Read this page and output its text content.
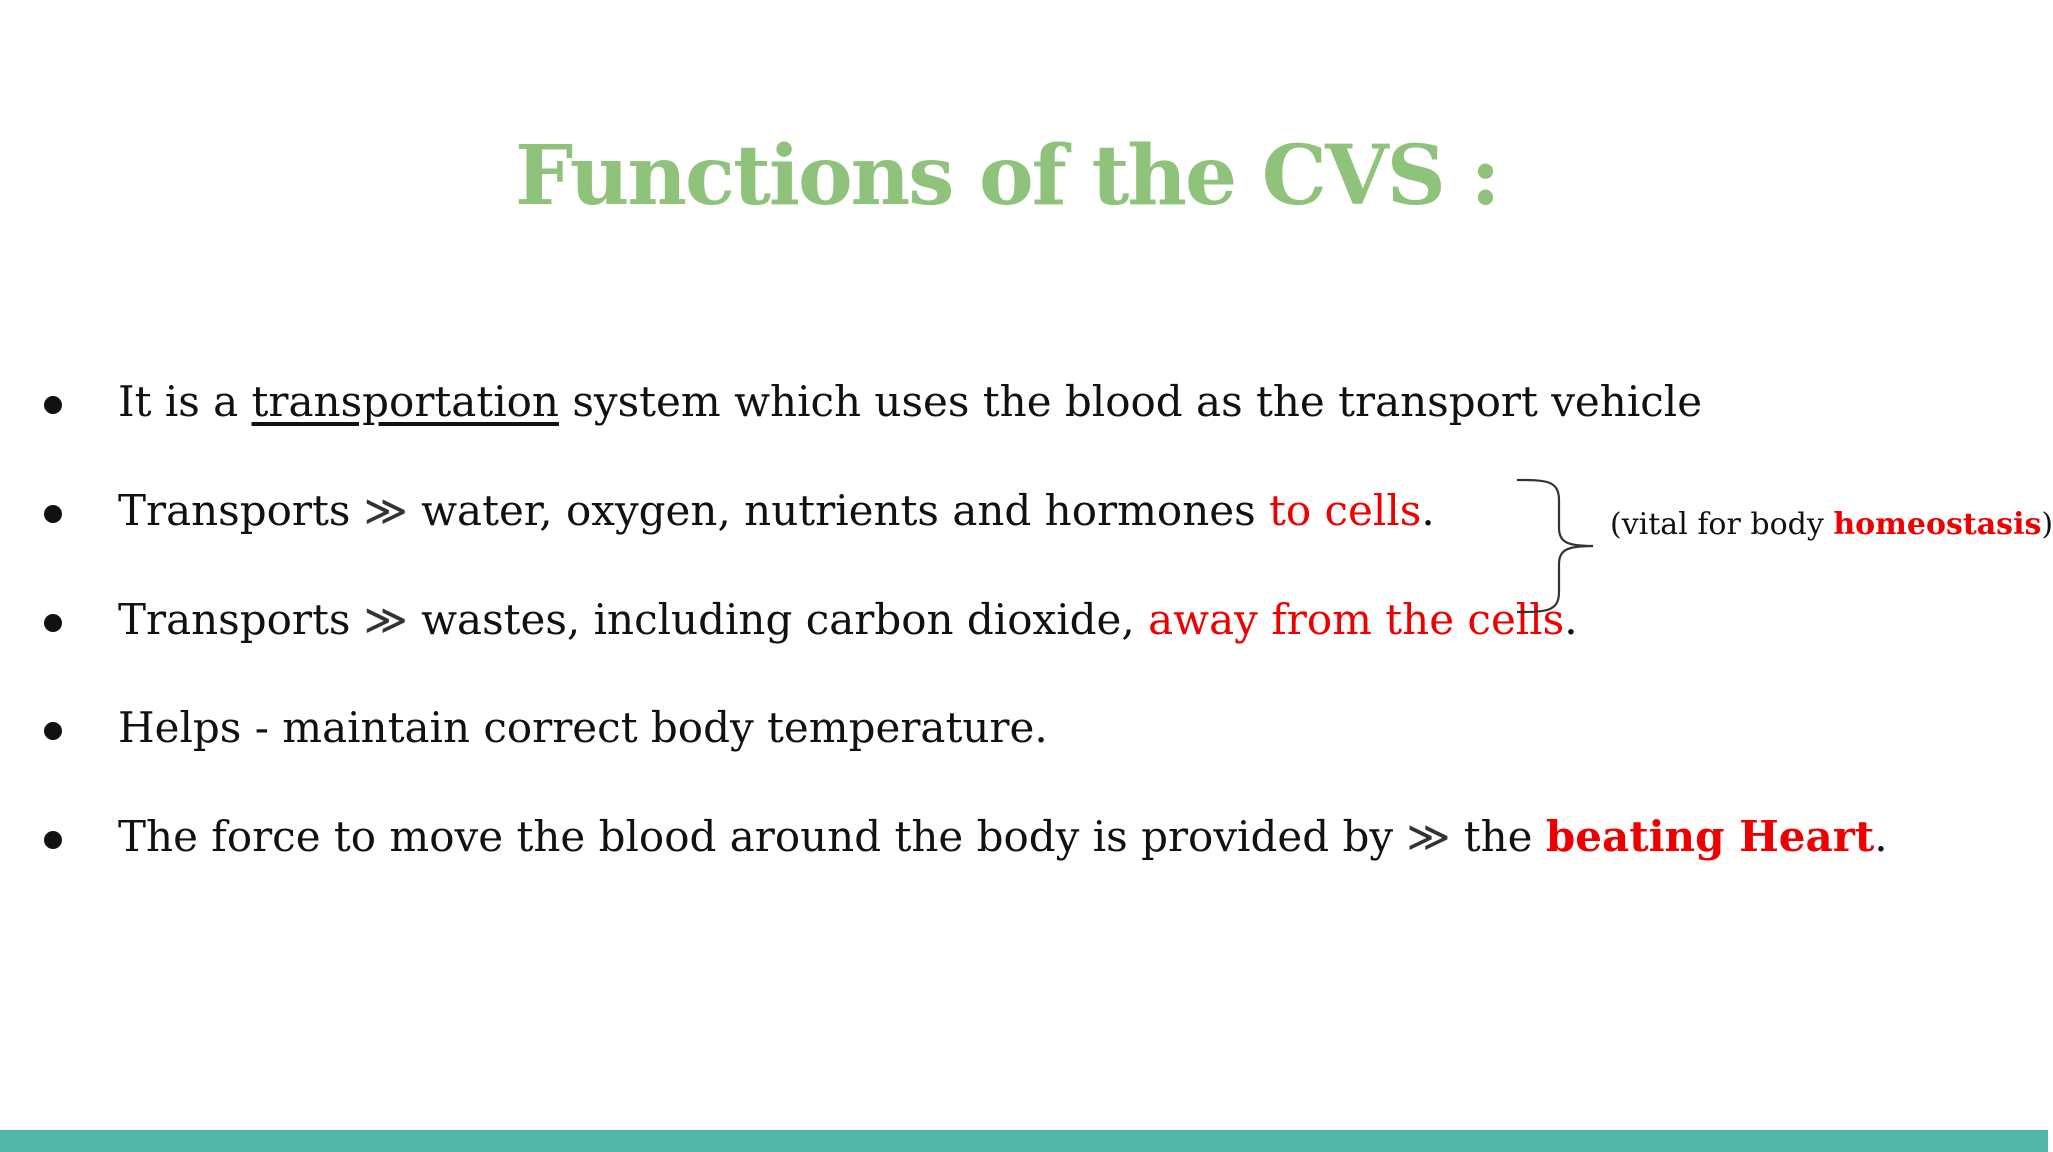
Functions of the CVS :
It is a transportation system which uses the blood as the transport vehicle
Transports ≫ water, oxygen, nutrients and hormones to cells.
Transports ≫ wastes, including carbon dioxide, away from the cells.
Helps - maintain correct body temperature.
The force to move the blood around the body is provided by ≫ the beating Heart.
(vital for body homeostasis)
